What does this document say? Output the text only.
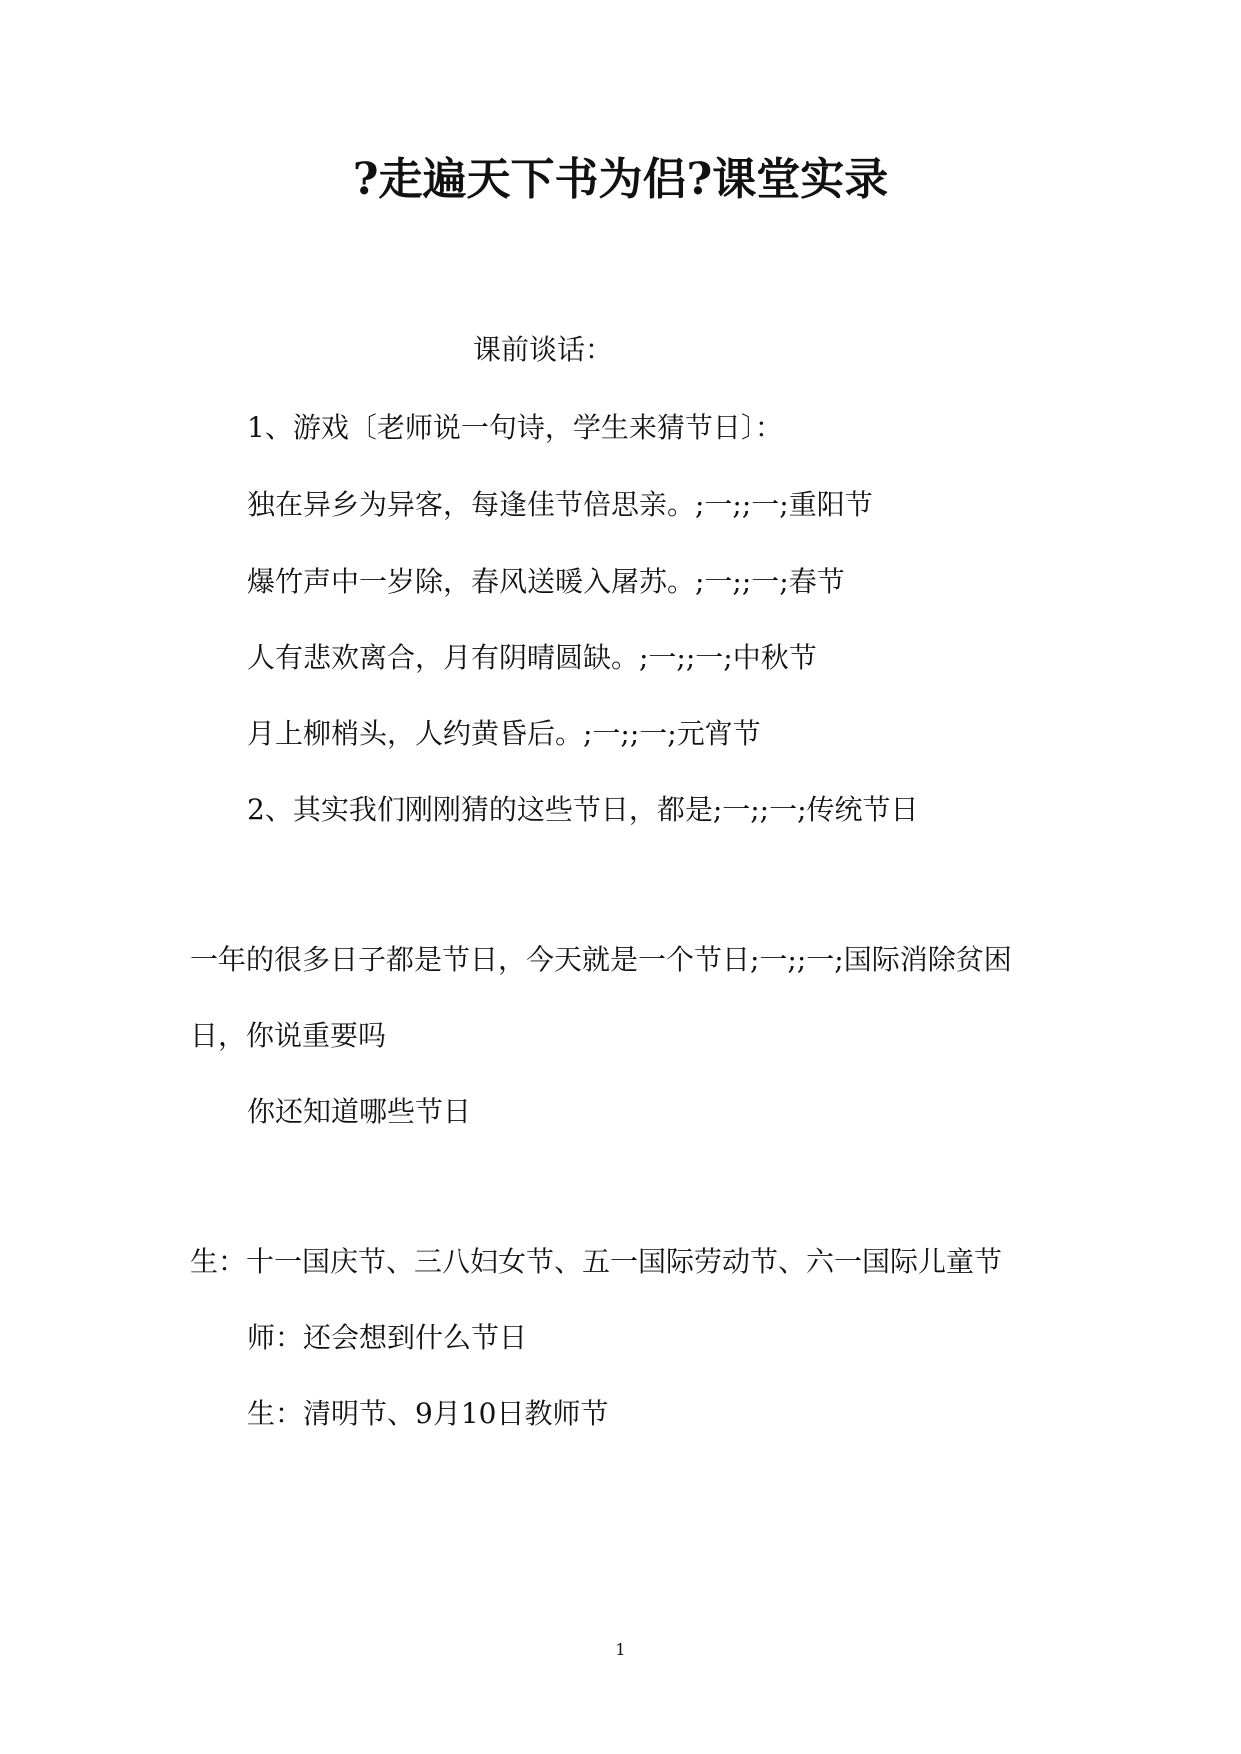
?走遍天下书为侣?课堂实录
课前谈话：
1、游戏〔老师说一句诗，学生来猜节日〕：
独在异乡为异客，每逢佳节倍思亲。;一;;一;重阳节
爆竹声中一岁除，春风送暖入屠苏。;一;;一;春节
人有悲欢离合，月有阴晴圆缺。;一;;一;中秋节
月上柳梢头，人约黄昏后。;一;;一;元宵节
2、其实我们刚刚猜的这些节日，都是;一;;一;传统节日
一年的很多日子都是节日，今天就是一个节日;一;;一;国际消除贫困
日，你说重要吗
你还知道哪些节日
生：十一国庆节、三八妇女节、五一国际劳动节、六一国际儿童节
师：还会想到什么节日
生：清明节、9月10日教师节
1
